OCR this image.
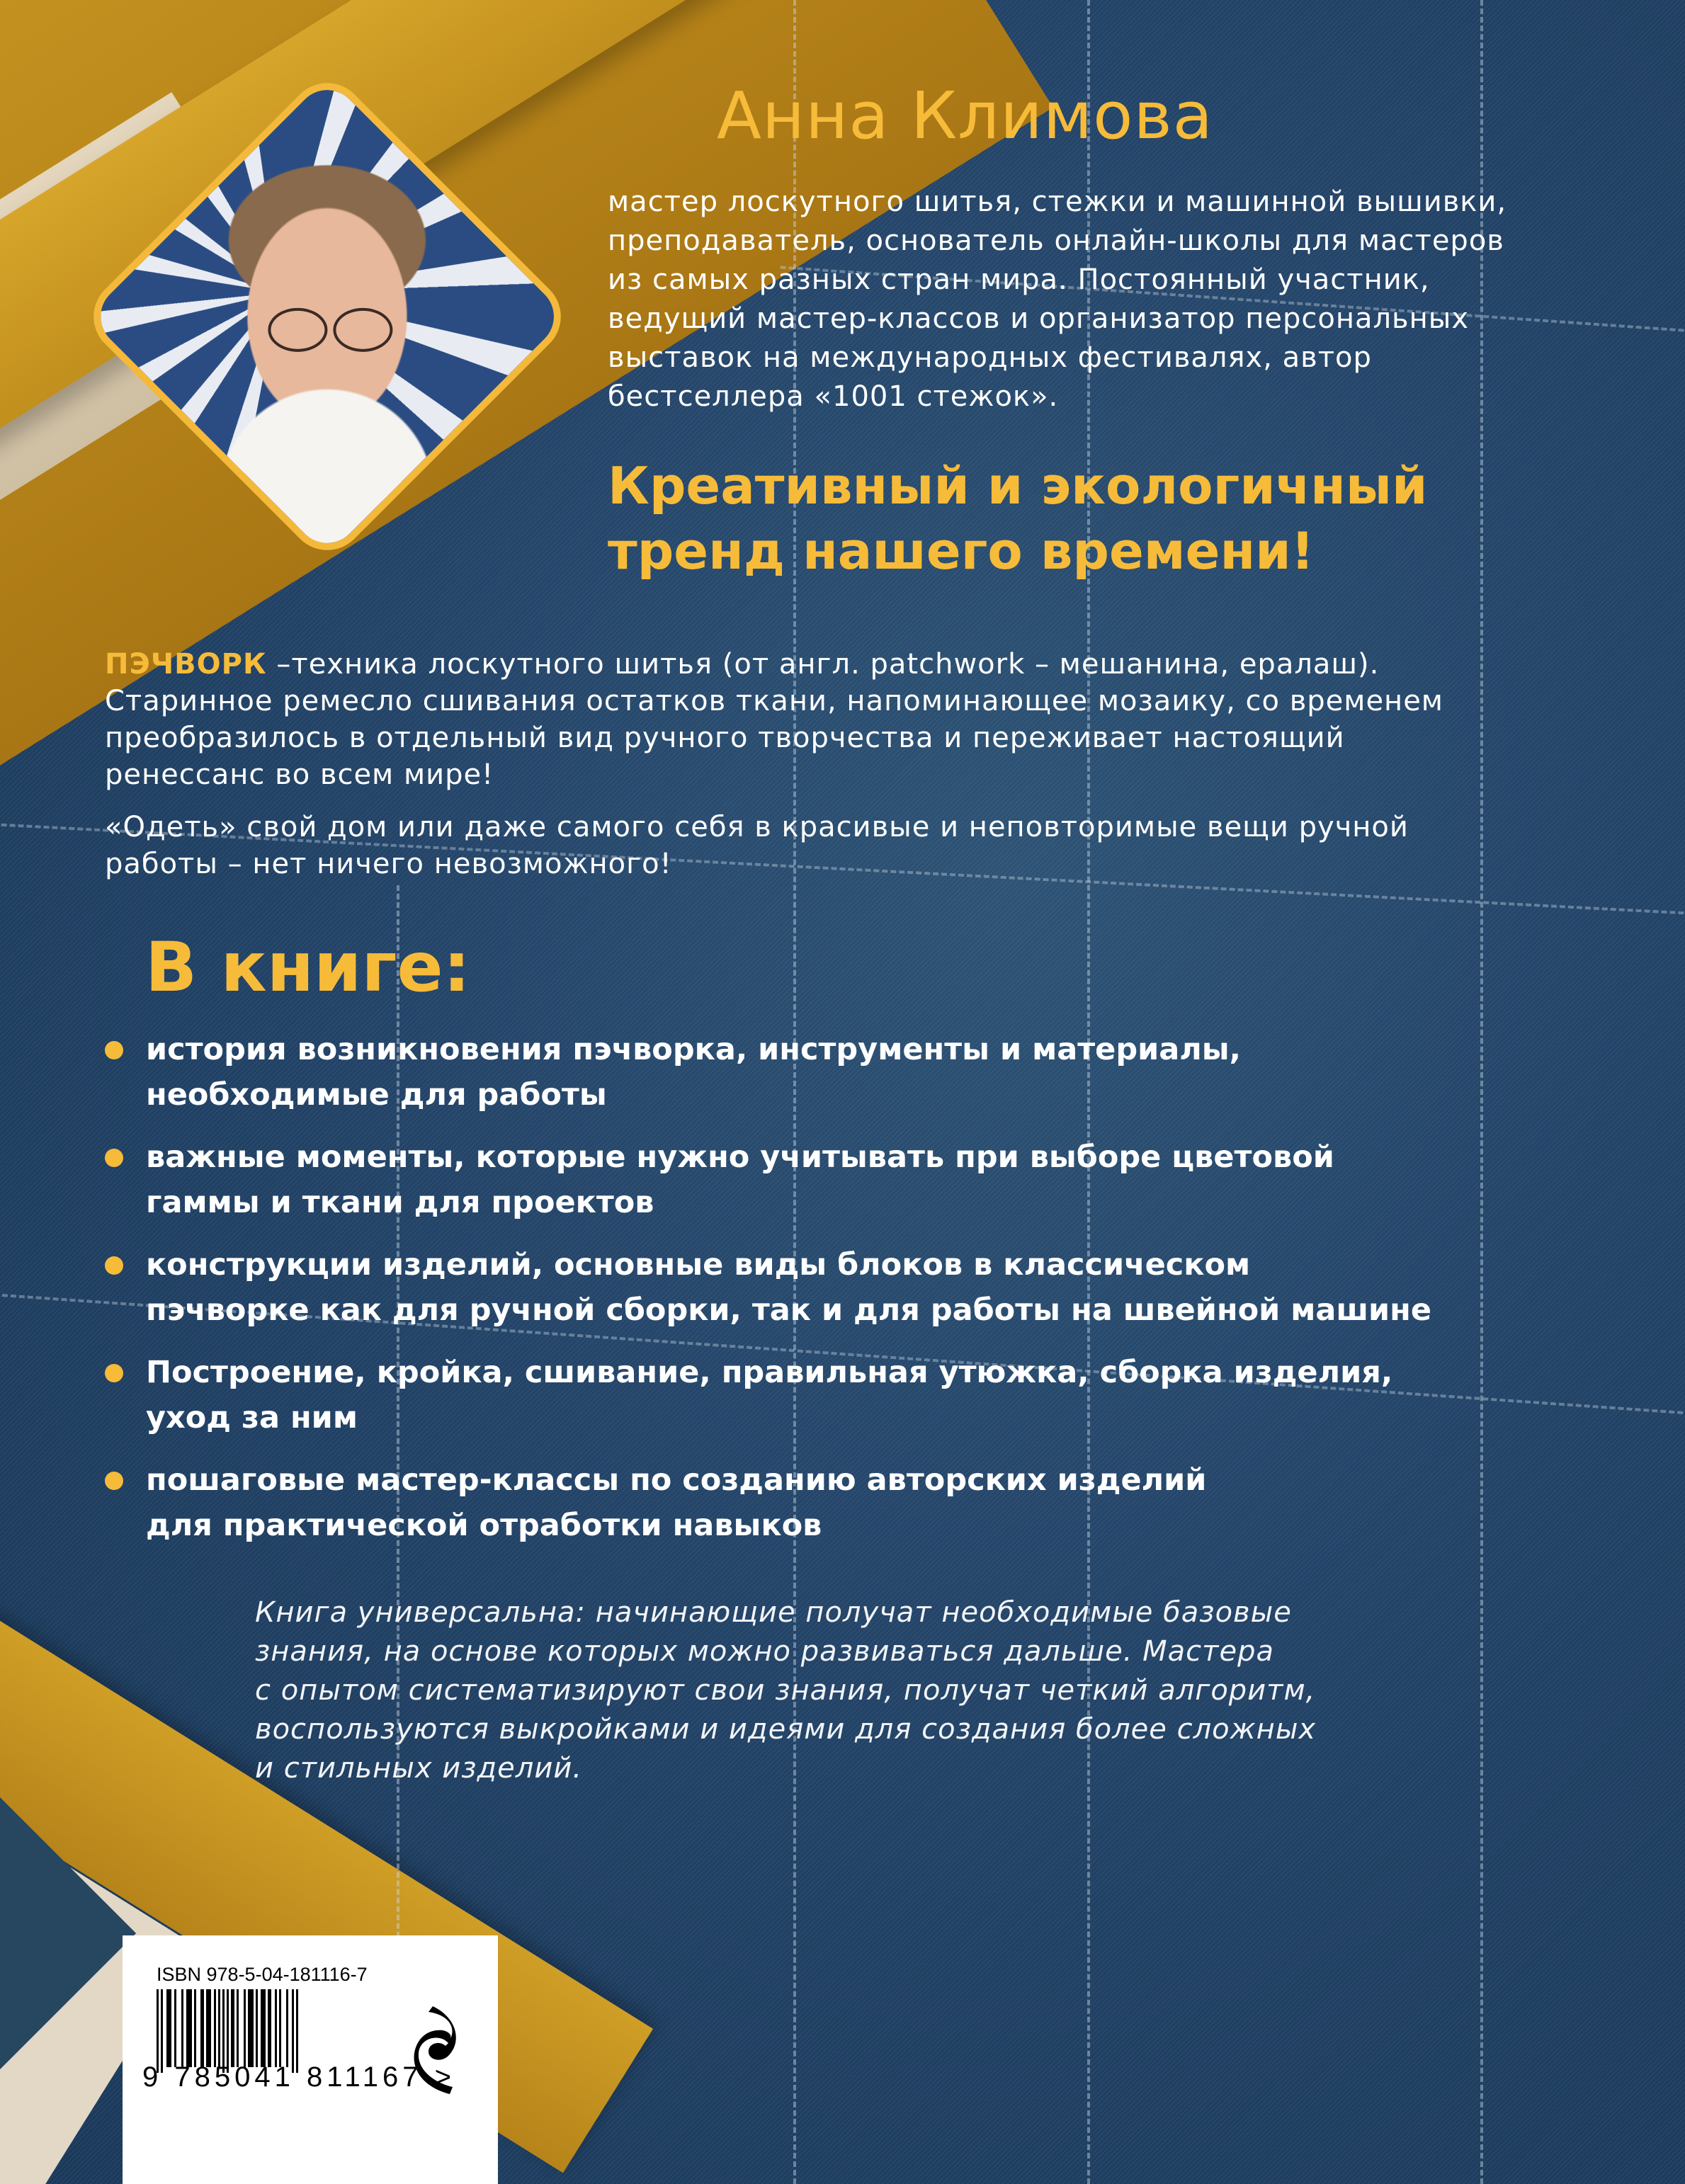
Анна Климова

мастер лоскутного шитья, стежки и машинной вышивки,

преподаватель, основатель онлайн-школы для мастеров

из самых разных стран мира. Постоянный участник,

ведущий мастер-классов и организатор персональных

выставок на международных фестивалях, автор

бестселлера «1001 стежок».

Креативный и экологичный
тренд нашего времени!

ПЭЧВОРК –техника лоскутного шитья (от англ. patchwork – мешанина, ералаш).
Старинное ремесло сшивания остатков ткани, напоминающее мозаику, со временем
преобразилось в отдельный вид ручного творчества и переживает настоящий
ренессанс во всем мире!

«Одеть» свой дом или даже самого себя в красивые и неповторимые вещи ручной
работы – нет ничего невозможного!

В книге:
история возникновения пэчворка, инструменты и материалы,
необходимые для работы
важные моменты, которые нужно учитывать при выборе цветовой
гаммы и ткани для проектов
конструкции изделий, основные виды блоков в классическом
пэчворке как для ручной сборки, так и для работы на швейной машине
Построение, кройка, сшивание, правильная утюжка, сборка изделия,
уход за ним
пошаговые мастер-классы по созданию авторских изделий
для практической отработки навыков
Книга универсальна: начинающие получат необходимые базовые
знания, на основе которых можно развиваться дальше. Мастера
с опытом систематизируют свои знания, получат четкий алгоритм,
воспользуются выкройками и идеями для создания более сложных
и стильных изделий.
ISBN 978-5-04-181116-7
9 785041 811167 >
